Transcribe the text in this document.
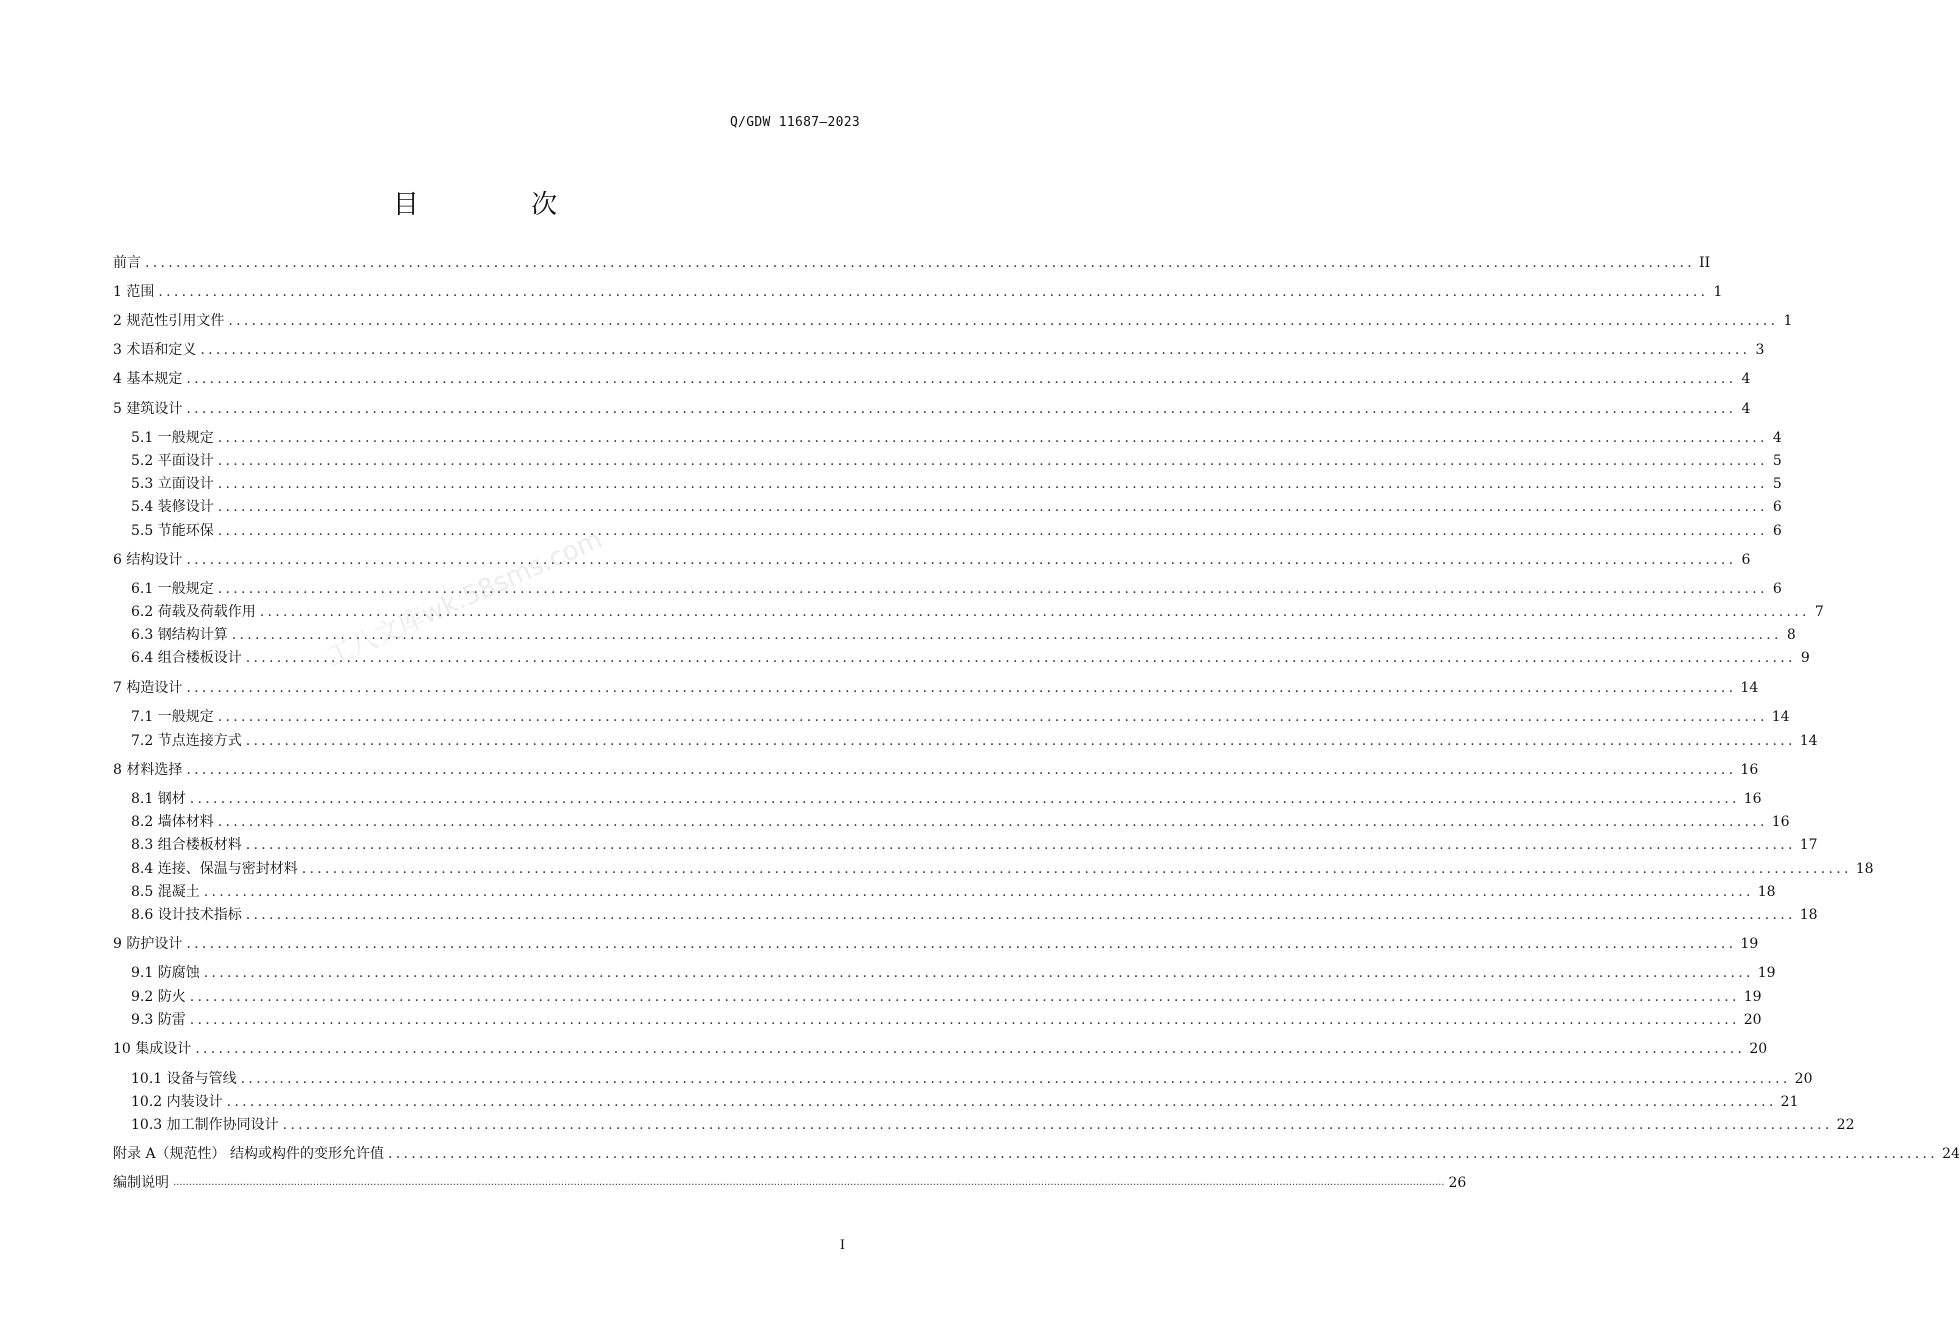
Q/GDW 11687—2023
目 次
前言 ........................................................................................................................................................................................................ II
1 范围 ........................................................................................................................................................................................................ 1
2 规范性引用文件 ........................................................................................................................................................................................................ 1
3 术语和定义 ........................................................................................................................................................................................................ 3
4 基本规定 ........................................................................................................................................................................................................ 4
5 建筑设计 ........................................................................................................................................................................................................ 4
5.1 一般规定 ........................................................................................................................................................................................................ 4
5.2 平面设计 ........................................................................................................................................................................................................ 5
5.3 立面设计 ........................................................................................................................................................................................................ 5
5.4 装修设计 ........................................................................................................................................................................................................ 6
5.5 节能环保 ........................................................................................................................................................................................................ 6
6 结构设计 ........................................................................................................................................................................................................ 6
6.1 一般规定 ........................................................................................................................................................................................................ 6
6.2 荷载及荷载作用 ........................................................................................................................................................................................................ 7
6.3 钢结构计算 ........................................................................................................................................................................................................ 8
6.4 组合楼板设计 ........................................................................................................................................................................................................ 9
7 构造设计 ........................................................................................................................................................................................................ 14
7.1 一般规定 ........................................................................................................................................................................................................ 14
7.2 节点连接方式 ........................................................................................................................................................................................................ 14
8 材料选择 ........................................................................................................................................................................................................ 16
8.1 钢材 ........................................................................................................................................................................................................ 16
8.2 墙体材料 ........................................................................................................................................................................................................ 16
8.3 组合楼板材料 ........................................................................................................................................................................................................ 17
8.4 连接、保温与密封材料 ........................................................................................................................................................................................................ 18
8.5 混凝土 ........................................................................................................................................................................................................ 18
8.6 设计技术指标 ........................................................................................................................................................................................................ 18
9 防护设计 ........................................................................................................................................................................................................ 19
9.1 防腐蚀 ........................................................................................................................................................................................................ 19
9.2 防火 ........................................................................................................................................................................................................ 19
9.3 防雷 ........................................................................................................................................................................................................ 20
10 集成设计 ........................................................................................................................................................................................................ 20
10.1 设备与管线 ........................................................................................................................................................................................................ 20
10.2 内装设计 ........................................................................................................................................................................................................ 21
10.3 加工制作协同设计 ........................................................................................................................................................................................................ 22
附录 A（规范性） 结构或构件的变形允许值 ........................................................................................................................................................................................................ 24
编制说明 ................................................................................................................................................................................................................................................................................................................................................................................................................ 26
工八文库wk.58sms.com
I
